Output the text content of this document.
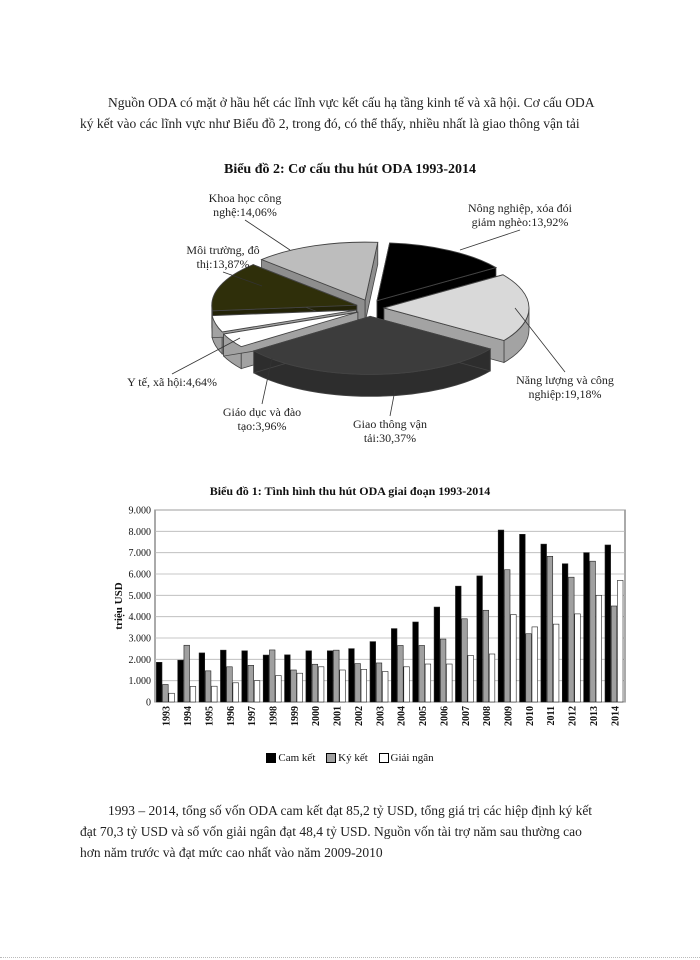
Nguồn ODA có mặt ở hầu hết các lĩnh vực kết cấu hạ tầng kinh tế và xã hội. Cơ cấu ODA
ký kết vào các lĩnh vực như Biểu đồ 2, trong đó, có thể thấy, nhiều nhất là giao thông vận tải
Biểu đồ 2: Cơ cấu thu hút ODA 1993-2014
Nông nghiệp, xóa đói giảm nghèo:13,92%
Năng lượng và công nghiệp:19,18%
Giao thông vận tải:30,37%
Giáo dục và đào tạo:3,96%
Y tế, xã hội:4,64%
Môi trường, đô thị:13,87%
Khoa học công nghệ:14,06%
Biểu đồ 1: Tình hình thu hút ODA giai đoạn 1993-2014
0
1.000
2.000
3.000
4.000
5.000
6.000
7.000
8.000
9.000
triệu USD
1993 1994 1995 1996 1997 1998 1999 2000 2001 2002 2003 2004 2005 2006 2007 2008 2009 2010 2011 2012 2013 2014
Cam kết Ký kết Giải ngân
1993 – 2014, tổng số vốn ODA cam kết đạt 85,2 tỷ USD, tổng giá trị các hiệp định ký kết
đạt 70,3 tỷ USD và số vốn giải ngân đạt 48,4 tỷ USD. Nguồn vốn tài trợ năm sau thường cao
hơn năm trước và đạt mức cao nhất vào năm 2009-2010
